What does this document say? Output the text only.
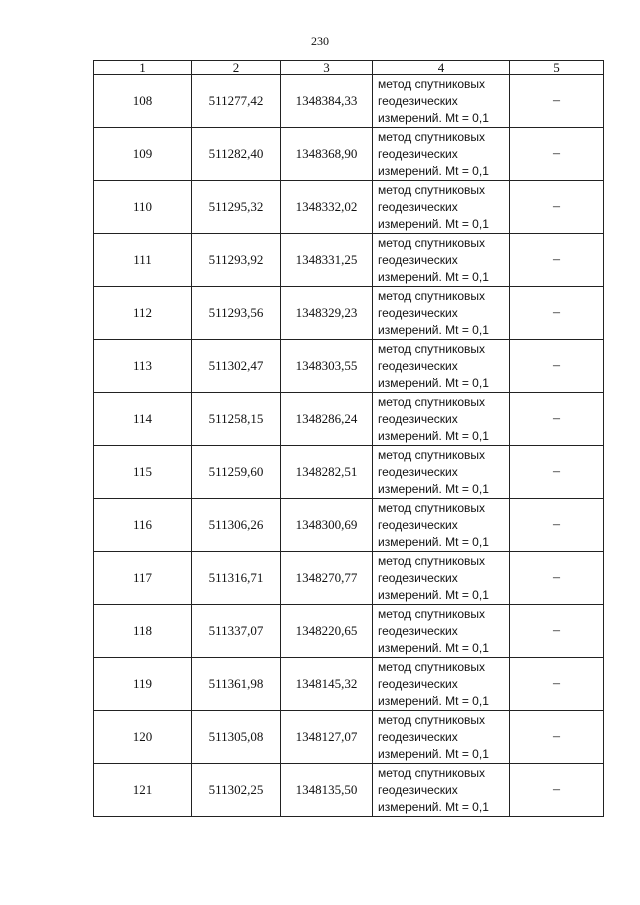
230
1	2	3	4	5
108	511277,42	1348384,33	метод спутниковых
геодезических
измерений. Mt = 0,1	–
109	511282,40	1348368,90	метод спутниковых
геодезических
измерений. Mt = 0,1	–
110	511295,32	1348332,02	метод спутниковых
геодезических
измерений. Mt = 0,1	–
111	511293,92	1348331,25	метод спутниковых
геодезических
измерений. Mt = 0,1	–
112	511293,56	1348329,23	метод спутниковых
геодезических
измерений. Mt = 0,1	–
113	511302,47	1348303,55	метод спутниковых
геодезических
измерений. Mt = 0,1	–
114	511258,15	1348286,24	метод спутниковых
геодезических
измерений. Mt = 0,1	–
115	511259,60	1348282,51	метод спутниковых
геодезических
измерений. Mt = 0,1	–
116	511306,26	1348300,69	метод спутниковых
геодезических
измерений. Mt = 0,1	–
117	511316,71	1348270,77	метод спутниковых
геодезических
измерений. Mt = 0,1	–
118	511337,07	1348220,65	метод спутниковых
геодезических
измерений. Mt = 0,1	–
119	511361,98	1348145,32	метод спутниковых
геодезических
измерений. Mt = 0,1	–
120	511305,08	1348127,07	метод спутниковых
геодезических
измерений. Mt = 0,1	–
121	511302,25	1348135,50	метод спутниковых
геодезических
измерений. Mt = 0,1	–
